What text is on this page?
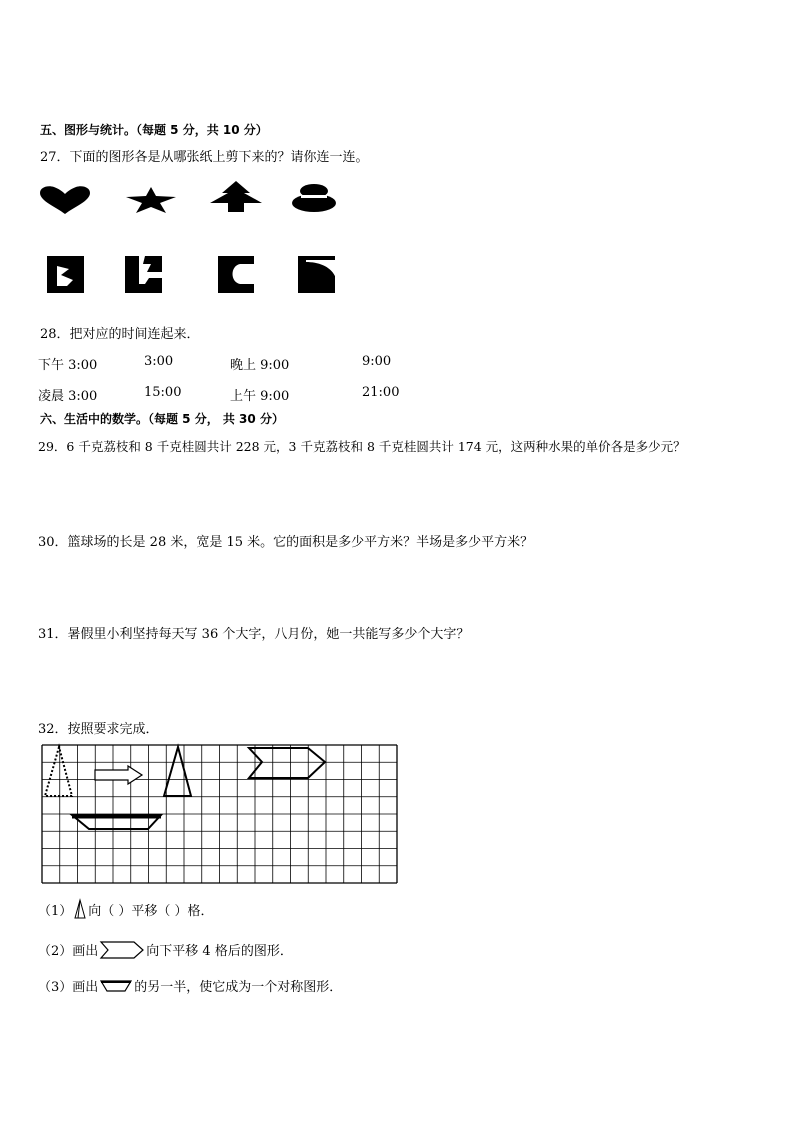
五、图形与统计。（每题 5 分，共 10 分）
27．下面的图形各是从哪张纸上剪下来的？请你连一连。
28．把对应的时间连起来．
下午 3:00	3:00	晚上 9:00	9:00
凌晨 3:00	15:00	上午 9:00	21:00
六、生活中的数学。（每题 5 分， 共 30 分）
29．6 千克荔枝和 8 千克桂圆共计 228 元，3 千克荔枝和 8 千克桂圆共计 174 元，这两种水果的单价各是多少元？
30．篮球场的长是 28 米，宽是 15 米。它的面积是多少平方米？半场是多少平方米？
31．暑假里小利坚持每天写 36 个大字，八月份，她一共能写多少个大字？
32．按照要求完成．
（1） 向（ ）平移（ ）格．
（2）画出	向下平移 4 格后的图形．
（3）画出	的另一半，使它成为一个对称图形．
